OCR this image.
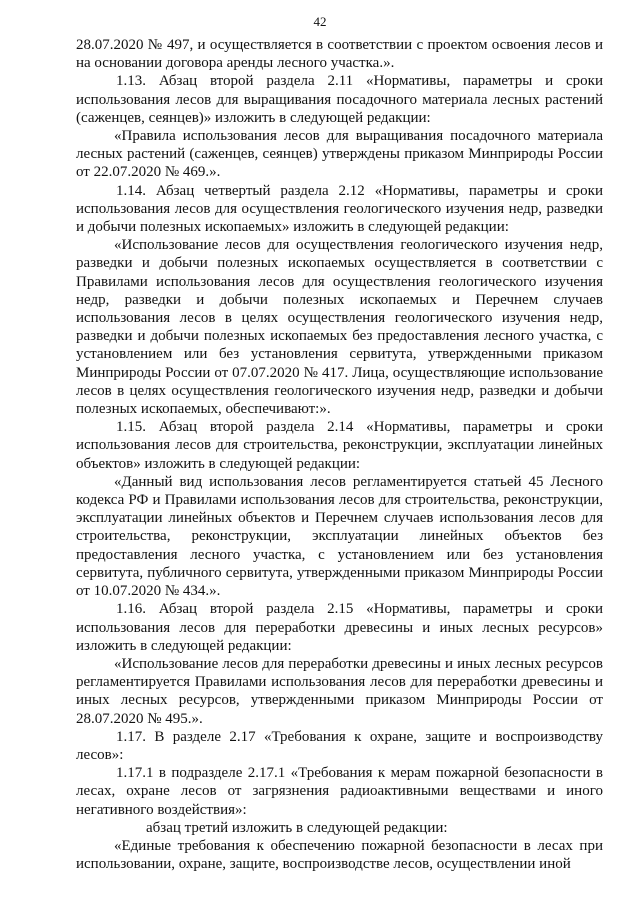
42

28.07.2020 № 497, и осуществляется в соответствии с проектом освоения лесов и на основании договора аренды лесного участка.».

1.13. Абзац второй раздела 2.11 «Нормативы, параметры и сроки использования лесов для выращивания посадочного материала лесных растений (саженцев, сеянцев)» изложить в следующей редакции:

«Правила использования лесов для выращивания посадочного материала лесных растений (саженцев, сеянцев) утверждены приказом Минприроды России от 22.07.2020 № 469.».

1.14. Абзац четвертый раздела 2.12 «Нормативы, параметры и сроки использования лесов для осуществления геологического изучения недр, разведки и добычи полезных ископаемых» изложить в следующей редакции:

«Использование лесов для осуществления геологического изучения недр, разведки и добычи полезных ископаемых осуществляется в соответствии с Правилами использования лесов для осуществления геологического изучения недр, разведки и добычи полезных ископаемых и Перечнем случаев использования лесов в целях осуществления геологического изучения недр, разведки и добычи полезных ископаемых без предоставления лесного участка, с установлением или без установления сервитута, утвержденными приказом Минприроды России от 07.07.2020 № 417. Лица, осуществляющие использование лесов в целях осуществления геологического изучения недр, разведки и добычи полезных ископаемых, обеспечивают:».

1.15. Абзац второй раздела 2.14 «Нормативы, параметры и сроки использования лесов для строительства, реконструкции, эксплуатации линейных объектов» изложить в следующей редакции:

«Данный вид использования лесов регламентируется статьей 45 Лесного кодекса РФ и Правилами использования лесов для строительства, реконструкции, эксплуатации линейных объектов и Перечнем случаев использования лесов для строительства, реконструкции, эксплуатации линейных объектов без предоставления лесного участка, с установлением или без установления сервитута, публичного сервитута, утвержденными приказом Минприроды России от 10.07.2020 № 434.».

1.16. Абзац второй раздела 2.15 «Нормативы, параметры и сроки использования лесов для переработки древесины и иных лесных ресурсов» изложить в следующей редакции:

«Использование лесов для переработки древесины и иных лесных ресурсов регламентируется Правилами использования лесов для переработки древесины и иных лесных ресурсов, утвержденными приказом Минприроды России от 28.07.2020 № 495.».

1.17. В разделе 2.17 «Требования к охране, защите и воспроизводству лесов»:

1.17.1 в подразделе 2.17.1 «Требования к мерам пожарной безопасности в лесах, охране лесов от загрязнения радиоактивными веществами и иного негативного воздействия»:

абзац третий изложить в следующей редакции:

«Единые требования к обеспечению пожарной безопасности в лесах при использовании, охране, защите, воспроизводстве лесов, осуществлении иной
